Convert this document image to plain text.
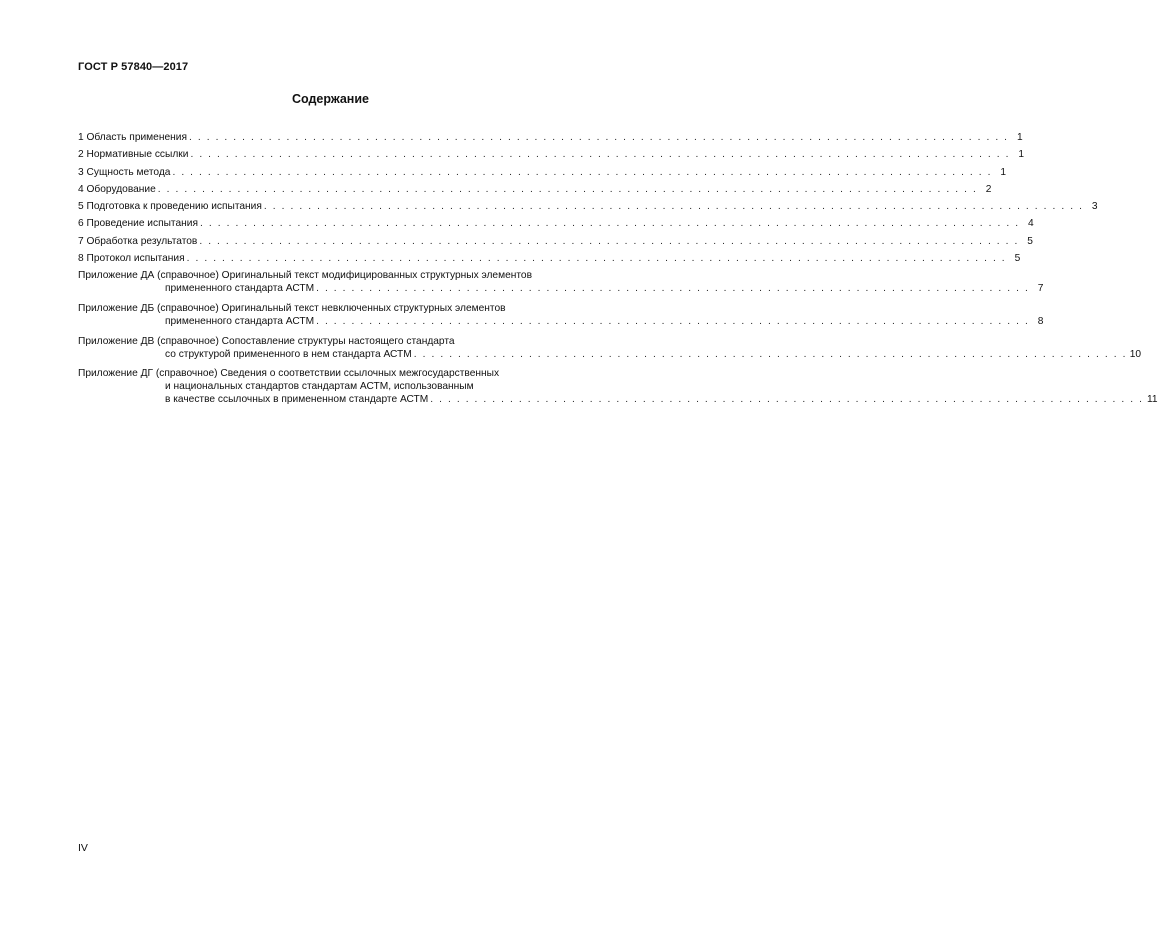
ГОСТ Р 57840—2017
Содержание
1 Область применения . . . . . . . . . . . . . . . . . . . . . . . . . . . . . . . . . . . . . . . . . . . . . . . . . . . . . . . . . . . . . . . . . . . . . . . . . . . . . . . . . . . . . . . . . . . . . 1
2 Нормативные ссылки . . . . . . . . . . . . . . . . . . . . . . . . . . . . . . . . . . . . . . . . . . . . . . . . . . . . . . . . . . . . . . . . . . . . . . . . . . . . . . . . . . . . . . . . . . . . . 1
3 Сущность метода . . . . . . . . . . . . . . . . . . . . . . . . . . . . . . . . . . . . . . . . . . . . . . . . . . . . . . . . . . . . . . . . . . . . . . . . . . . . . . . . . . . . . . . . . . . . . 1
4 Оборудование . . . . . . . . . . . . . . . . . . . . . . . . . . . . . . . . . . . . . . . . . . . . . . . . . . . . . . . . . . . . . . . . . . . . . . . . . . . . . . . . . . . . . . . . . . . . . 2
5 Подготовка к проведению испытания . . . . . . . . . . . . . . . . . . . . . . . . . . . . . . . . . . . . . . . . . . . . . . . . . . . . . . . . . . . . . . . . . . . . . . . . . . . . . . . . . . . . . . . . . . . . . 3
6 Проведение испытания . . . . . . . . . . . . . . . . . . . . . . . . . . . . . . . . . . . . . . . . . . . . . . . . . . . . . . . . . . . . . . . . . . . . . . . . . . . . . . . . . . . . . . . . . . . . . 4
7 Обработка результатов . . . . . . . . . . . . . . . . . . . . . . . . . . . . . . . . . . . . . . . . . . . . . . . . . . . . . . . . . . . . . . . . . . . . . . . . . . . . . . . . . . . . . . . . . . . . . 5
8 Протокол испытания . . . . . . . . . . . . . . . . . . . . . . . . . . . . . . . . . . . . . . . . . . . . . . . . . . . . . . . . . . . . . . . . . . . . . . . . . . . . . . . . . . . . . . . . . . . . . 5
Приложение ДА (справочное) Оригинальный текст модифицированных структурных элементов
примененного стандарта АСТМ . . . . . . . . . . . . . . . . . . . . . . . . . . . . . . . . . . . . . . . . . . . . . . . . . . . . . . . . . . . . . . . . . . . . . . . . . . . . . . . . . 7
Приложение ДБ (справочное) Оригинальный текст невключенных структурных элементов
примененного стандарта АСТМ . . . . . . . . . . . . . . . . . . . . . . . . . . . . . . . . . . . . . . . . . . . . . . . . . . . . . . . . . . . . . . . . . . . . . . . . . . . . . . . . . 8
Приложение ДВ (справочное) Сопоставление структуры настоящего стандарта
со структурой примененного в нем стандарта АСТМ . . . . . . . . . . . . . . . . . . . . . . . . . . . . . . . . . . . . . . . . . . . . . . . . . . . . . . . . . . . . . . . . . . . . . . . . . . . . . . . . . 10
Приложение ДГ (справочное) Сведения о соответствии ссылочных межгосударственных
и национальных стандартов стандартам АСТМ, использованным
в качестве ссылочных в примененном стандарте АСТМ . . . . . . . . . . . . . . . . . . . . . . . . . . . . . . . . . . . . . . . . . . . . . . . . . . . . . . . . . . . . . . . . . . . . . . . . . . . . . . . . . 11
IV
